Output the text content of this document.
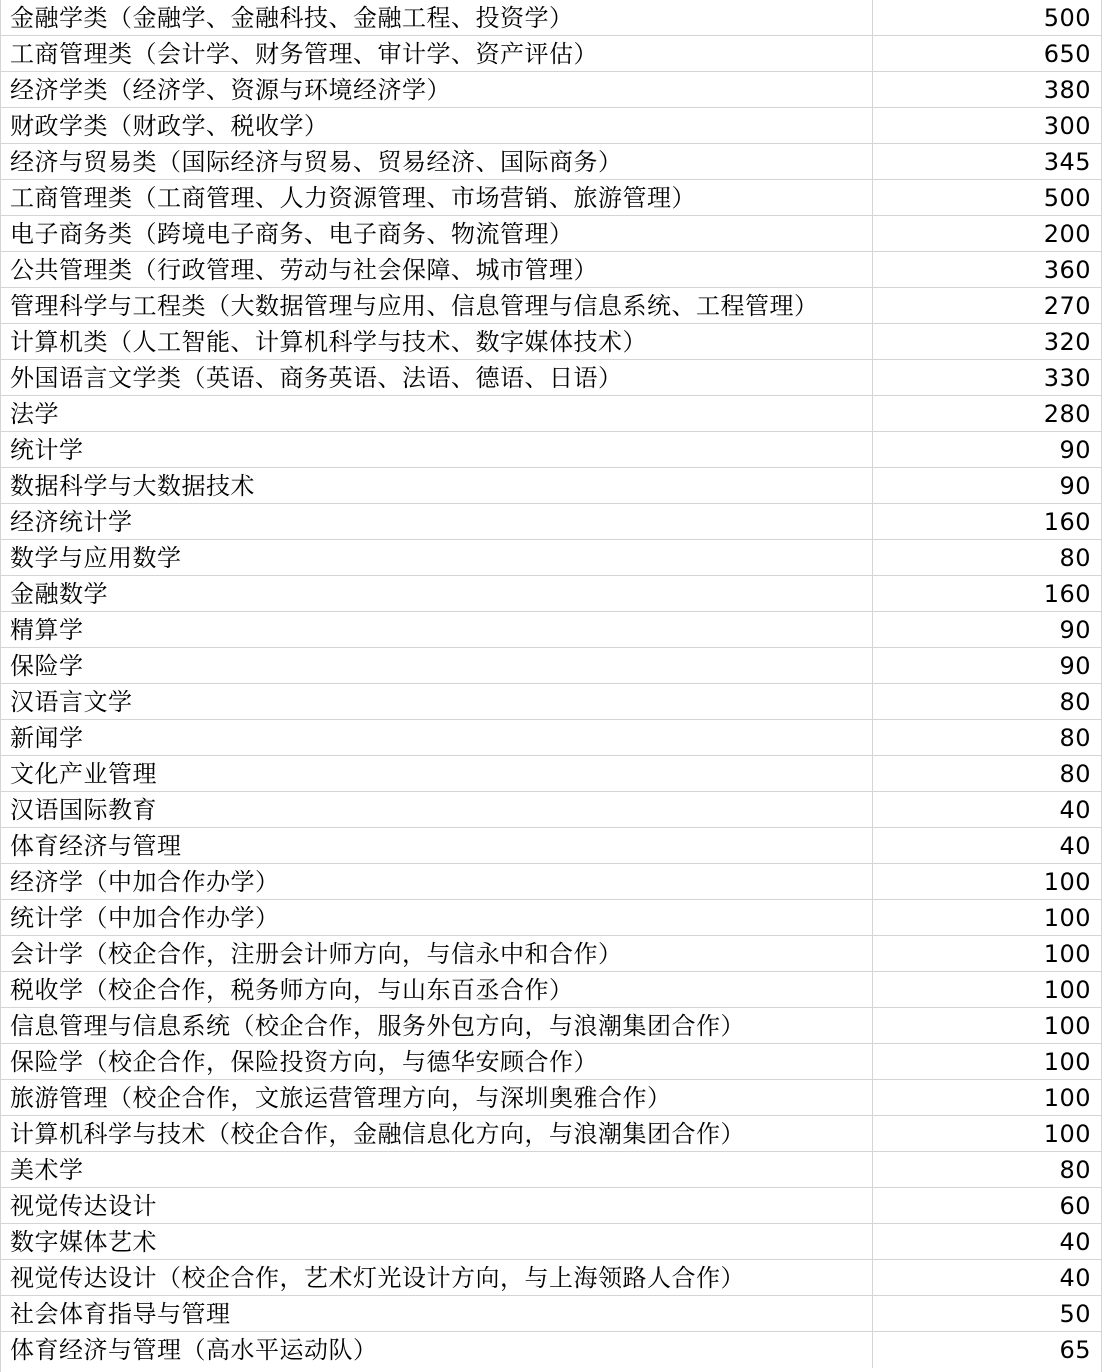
金融学类（金融学、金融科技、金融工程、投资学）	500
工商管理类（会计学、财务管理、审计学、资产评估）	650
经济学类（经济学、资源与环境经济学）	380
财政学类（财政学、税收学）	300
经济与贸易类（国际经济与贸易、贸易经济、国际商务）	345
工商管理类（工商管理、人力资源管理、市场营销、旅游管理）	500
电子商务类（跨境电子商务、电子商务、物流管理）	200
公共管理类（行政管理、劳动与社会保障、城市管理）	360
管理科学与工程类（大数据管理与应用、信息管理与信息系统、工程管理）	270
计算机类（人工智能、计算机科学与技术、数字媒体技术）	320
外国语言文学类（英语、商务英语、法语、德语、日语）	330
法学	280
统计学	90
数据科学与大数据技术	90
经济统计学	160
数学与应用数学	80
金融数学	160
精算学	90
保险学	90
汉语言文学	80
新闻学	80
文化产业管理	80
汉语国际教育	40
体育经济与管理	40
经济学（中加合作办学）	100
统计学（中加合作办学）	100
会计学（校企合作，注册会计师方向，与信永中和合作）	100
税收学（校企合作，税务师方向，与山东百丞合作）	100
信息管理与信息系统（校企合作，服务外包方向，与浪潮集团合作）	100
保险学（校企合作，保险投资方向，与德华安顾合作）	100
旅游管理（校企合作，文旅运营管理方向，与深圳奥雅合作）	100
计算机科学与技术（校企合作，金融信息化方向，与浪潮集团合作）	100
美术学	80
视觉传达设计	60
数字媒体艺术	40
视觉传达设计（校企合作，艺术灯光设计方向，与上海领路人合作）	40
社会体育指导与管理	50
体育经济与管理（高水平运动队）	65
